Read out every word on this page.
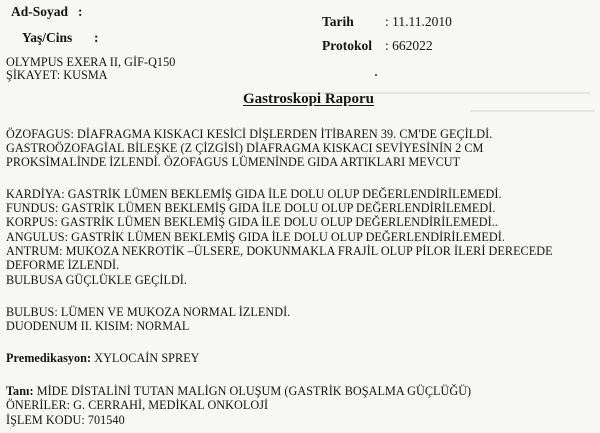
Ad-Soyad :
Yaş/Cins :
Tarih : 11.11.2010
Protokol : 662022
OLYMPUS EXERA II, GİF-Q150
ŞİKAYET: KUSMA
Gastroskopi Raporu
ÖZOFAGUS: DİAFRAGMA KISKACI KESİCİ DİŞLERDEN İTİBAREN 39. CM'DE GEÇİLDİ.
GASTROÖZOFAGİAL BİLEŞKE (Z ÇİZGİSİ) DİAFRAGMA KISKACI SEVİYESİNİN 2 CM
PROKSİMALİNDE İZLENDİ. ÖZOFAGUS LÜMENİNDE GIDA ARTIKLARI MEVCUT
KARDİYA: GASTRİK LÜMEN BEKLEMİŞ GIDA İLE DOLU OLUP DEĞERLENDİRİLEMEDİ.
FUNDUS: GASTRİK LÜMEN BEKLEMİŞ GIDA İLE DOLU OLUP DEĞERLENDİRİLEMEDİ.
KORPUS: GASTRİK LÜMEN BEKLEMİŞ GIDA İLE DOLU OLUP DEĞERLENDİRİLEMEDİ..
ANGULUS: GASTRİK LÜMEN BEKLEMİŞ GIDA İLE DOLU OLUP DEĞERLENDİRİLEMEDİ.
ANTRUM: MUKOZA NEKROTİK –ÜLSERE, DOKUNMAKLA FRAJİL OLUP PİLOR İLERİ DERECEDE
DEFORME İZLENDİ.
BULBUSA GÜÇLÜKLE GEÇİLDİ.
BULBUS: LÜMEN VE MUKOZA NORMAL İZLENDİ.
DUODENUM II. KISIM: NORMAL
Premedikasyon: XYLOCAİN SPREY
Tanı: MİDE DİSTALİNİ TUTAN MALİGN OLUŞUM (GASTRİK BOŞALMA GÜÇLÜĞÜ)
ÖNERİLER: G. CERRAHİ, MEDİKAL ONKOLOJİ
İŞLEM KODU: 701540
